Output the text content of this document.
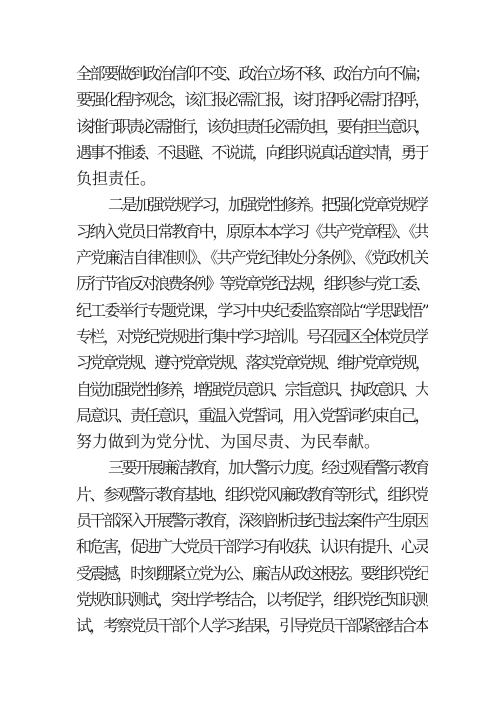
全部要做到政治信仰不变、政治立场不移、政治方向不偏；
要强化程序观念，该汇报必需汇报，该打招呼必需打招呼，
该推行职责必需推行，该负担责任必需负担，要有担当意识，
遇事不推诿、不退避、不说谎，向组织说真话道实情，勇于
负担责任。
二是加强党规学习，加强党性修养。把强化党章党规学
习纳入党员日常教育中，原原本本学习《共产党章程》、《共
产党廉洁自律准则》、《共产党纪律处分条例》、《党政机关
厉行节省反对浪费条例》等党章党纪法规，组织参与党工委、
纪工委举行专题党课，学习中央纪委监察部站“学思践悟”
专栏，对党纪党规进行集中学习培训。号召园区全体党员学
习党章党规、遵守党章党规、落实党章党规、维护党章党规，
自觉加强党性修养，增强党员意识、宗旨意识、执政意识、大
局意识、责任意识，重温入党誓词，用入党誓词约束自己，
努力做到为党分忧、为国尽责、为民奉献。
三要开展廉洁教育，加大警示力度。经过观看警示教育
片、参观警示教育基地、组织党风廉政教育等形式，组织党
员干部深入开展警示教育，深刻剖析违纪违法案件产生原因
和危害，促进广大党员干部学习有收获、认识有提升、心灵
受震撼，时刻绷紧立党为公、廉洁从政这根弦。要组织党纪
党规知识测试，突出学考结合，以考促学，组织党纪知识测
试，考察党员干部个人学习结果，引导党员干部紧密结合本
